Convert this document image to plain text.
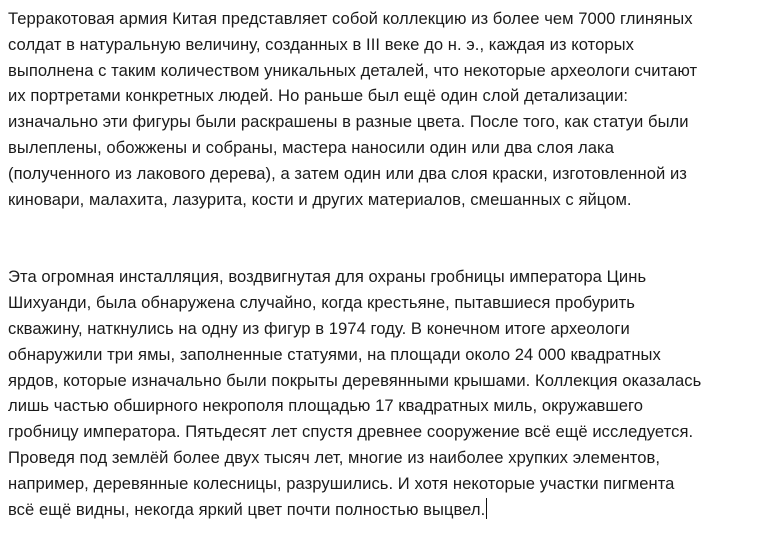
Терракотовая армия Китая представляет собой коллекцию из более чем 7000 глиняных
солдат в натуральную величину, созданных в III веке до н. э., каждая из которых
выполнена с таким количеством уникальных деталей, что некоторые археологи считают
их портретами конкретных людей. Но раньше был ещё один слой детализации:
изначально эти фигуры были раскрашены в разные цвета. После того, как статуи были
вылеплены, обожжены и собраны, мастера наносили один или два слоя лака
(полученного из лакового дерева), а затем один или два слоя краски, изготовленной из
киновари, малахита, лазурита, кости и других материалов, смешанных с яйцом.

Эта огромная инсталляция, воздвигнутая для охраны гробницы императора Цинь
Шихуанди, была обнаружена случайно, когда крестьяне, пытавшиеся пробурить
скважину, наткнулись на одну из фигур в 1974 году. В конечном итоге археологи
обнаружили три ямы, заполненные статуями, на площади около 24 000 квадратных
ярдов, которые изначально были покрыты деревянными крышами. Коллекция оказалась
лишь частью обширного некрополя площадью 17 квадратных миль, окружавшего
гробницу императора. Пятьдесят лет спустя древнее сооружение всё ещё исследуется.
Проведя под землёй более двух тысяч лет, многие из наиболее хрупких элементов,
например, деревянные колесницы, разрушились. И хотя некоторые участки пигмента
всё ещё видны, некогда яркий цвет почти полностью выцвел.
